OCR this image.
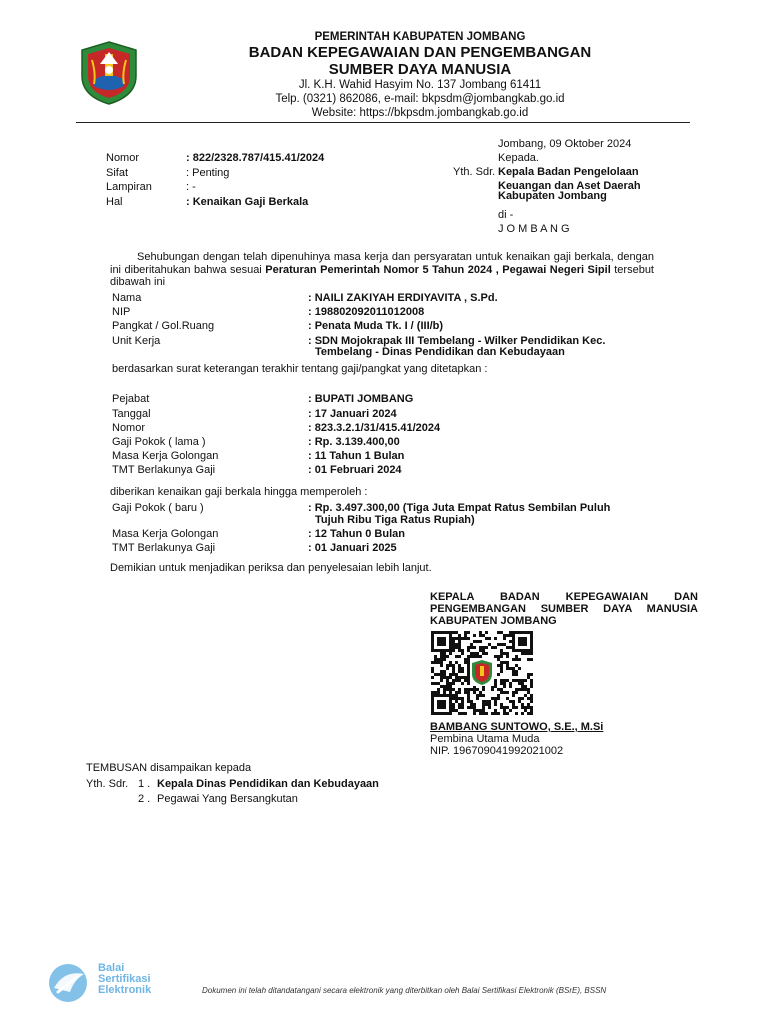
PEMERINTAH KABUPATEN JOMBANG
BADAN KEPEGAWAIAN DAN PENGEMBANGAN
SUMBER DAYA MANUSIA
Jl. K.H. Wahid Hasyim No. 137 Jombang 61411
Telp. (0321) 862086, e-mail: bkpsdm@jombangkab.go.id
Website: https://bkpsdm.jombangkab.go.id
Jombang, 09 Oktober 2024
Kepada.
Yth. Sdr. Kepala Badan Pengelolaan
Keuangan dan Aset Daerah
Kabupaten Jombang
di -
J O M B A N G
Nomor	: 822/2328.787/415.41/2024
Sifat	: Penting
Lampiran	: -
Hal	: Kenaikan Gaji Berkala
Sehubungan dengan telah dipenuhinya masa kerja dan persyaratan untuk kenaikan gaji berkala, dengan ini diberitahukan bahwa sesuai Peraturan Pemerintah Nomor 5 Tahun 2024 , Pegawai Negeri Sipil tersebut dibawah ini
Nama	: NAILI ZAKIYAH ERDIYAVITA , S.Pd.
NIP	: 198802092011012008
Pangkat / Gol.Ruang	: Penata Muda Tk. I / (III/b)
Unit Kerja	: SDN Mojokrapak III Tembelang - Wilker Pendidikan Kec.
Tembelang - Dinas Pendidikan dan Kebudayaan
berdasarkan surat keterangan terakhir tentang gaji/pangkat yang ditetapkan :
Pejabat	: BUPATI JOMBANG
Tanggal	: 17 Januari 2024
Nomor	: 823.3.2.1/31/415.41/2024
Gaji Pokok ( lama )	: Rp. 3.139.400,00
Masa Kerja Golongan	: 11 Tahun 1 Bulan
TMT Berlakunya Gaji	: 01 Februari 2024
diberikan kenaikan gaji berkala hingga memperoleh :
Gaji Pokok ( baru )	: Rp. 3.497.300,00 (Tiga Juta Empat Ratus Sembilan Puluh
Tujuh Ribu Tiga Ratus Rupiah)
Masa Kerja Golongan	: 12 Tahun 0 Bulan
TMT Berlakunya Gaji	: 01 Januari 2025
Demikian untuk menjadikan periksa dan penyelesaian lebih lanjut.
KEPALA BADAN KEPEGAWAIAN DAN
PENGEMBANGAN SUMBER DAYA MANUSIA
KABUPATEN JOMBANG
BAMBANG SUNTOWO, S.E., M.Si
Pembina Utama Muda
NIP. 196709041992021002
TEMBUSAN disampaikan kepada
Yth. Sdr. 1 . Kepala Dinas Pendidikan dan Kebudayaan
2 . Pegawai Yang Bersangkutan
Balai
Sertifikasi
Elektronik	Dokumen ini telah ditandatangani secara elektronik yang diterbitkan oleh Balai Sertifikasi Elektronik (BSrE), BSSN
